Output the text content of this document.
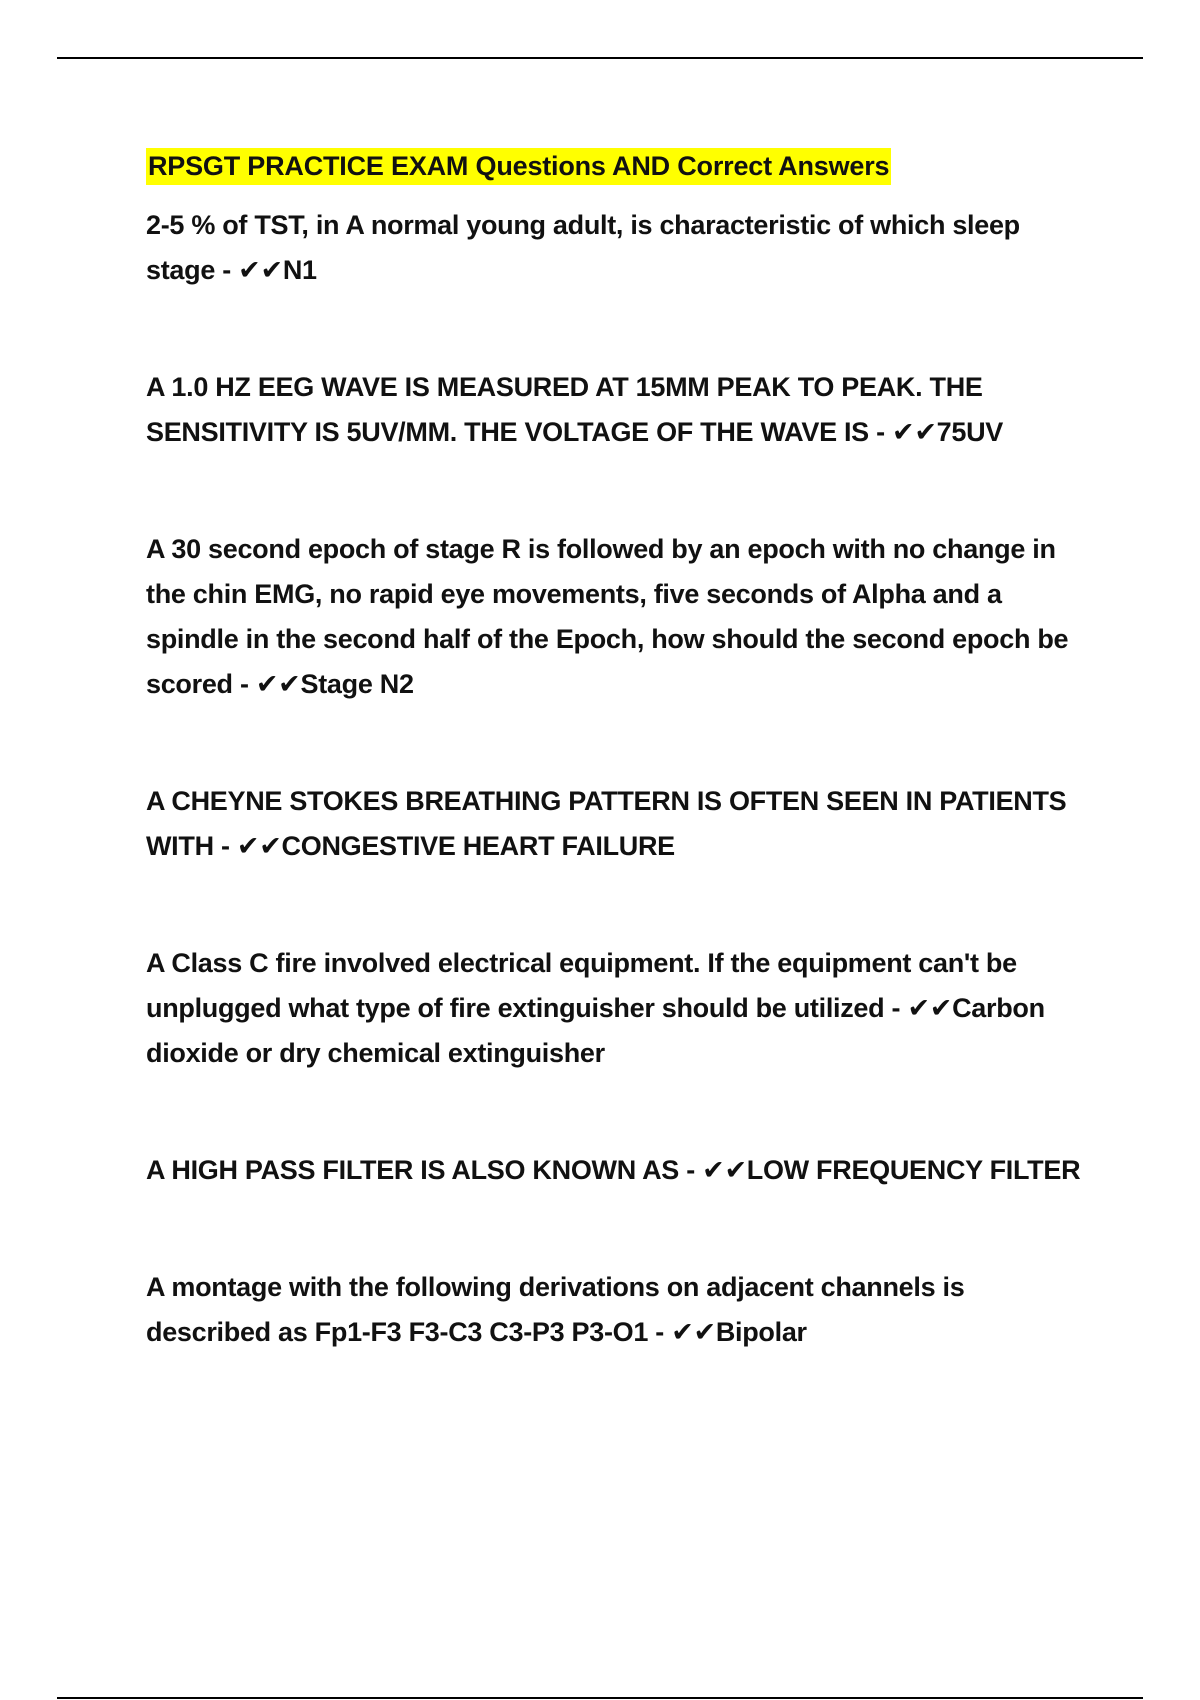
RPSGT PRACTICE EXAM Questions AND Correct Answers

2-5 % of TST, in A normal young adult, is characteristic of which sleep stage - ✔✔N1

A 1.0 HZ EEG WAVE IS MEASURED AT 15MM PEAK TO PEAK. THE SENSITIVITY IS 5UV/MM. THE VOLTAGE OF THE WAVE IS - ✔✔75UV

A 30 second epoch of stage R is followed by an epoch with no change in the chin EMG, no rapid eye movements, five seconds of Alpha and a spindle in the second half of the Epoch, how should the second epoch be scored - ✔✔Stage N2

A CHEYNE STOKES BREATHING PATTERN IS OFTEN SEEN IN PATIENTS WITH - ✔✔CONGESTIVE HEART FAILURE

A Class C fire involved electrical equipment. If the equipment can't be unplugged what type of fire extinguisher should be utilized - ✔✔Carbon dioxide or dry chemical extinguisher

A HIGH PASS FILTER IS ALSO KNOWN AS - ✔✔LOW FREQUENCY FILTER

A montage with the following derivations on adjacent channels is described as Fp1-F3 F3-C3 C3-P3 P3-O1 - ✔✔Bipolar
